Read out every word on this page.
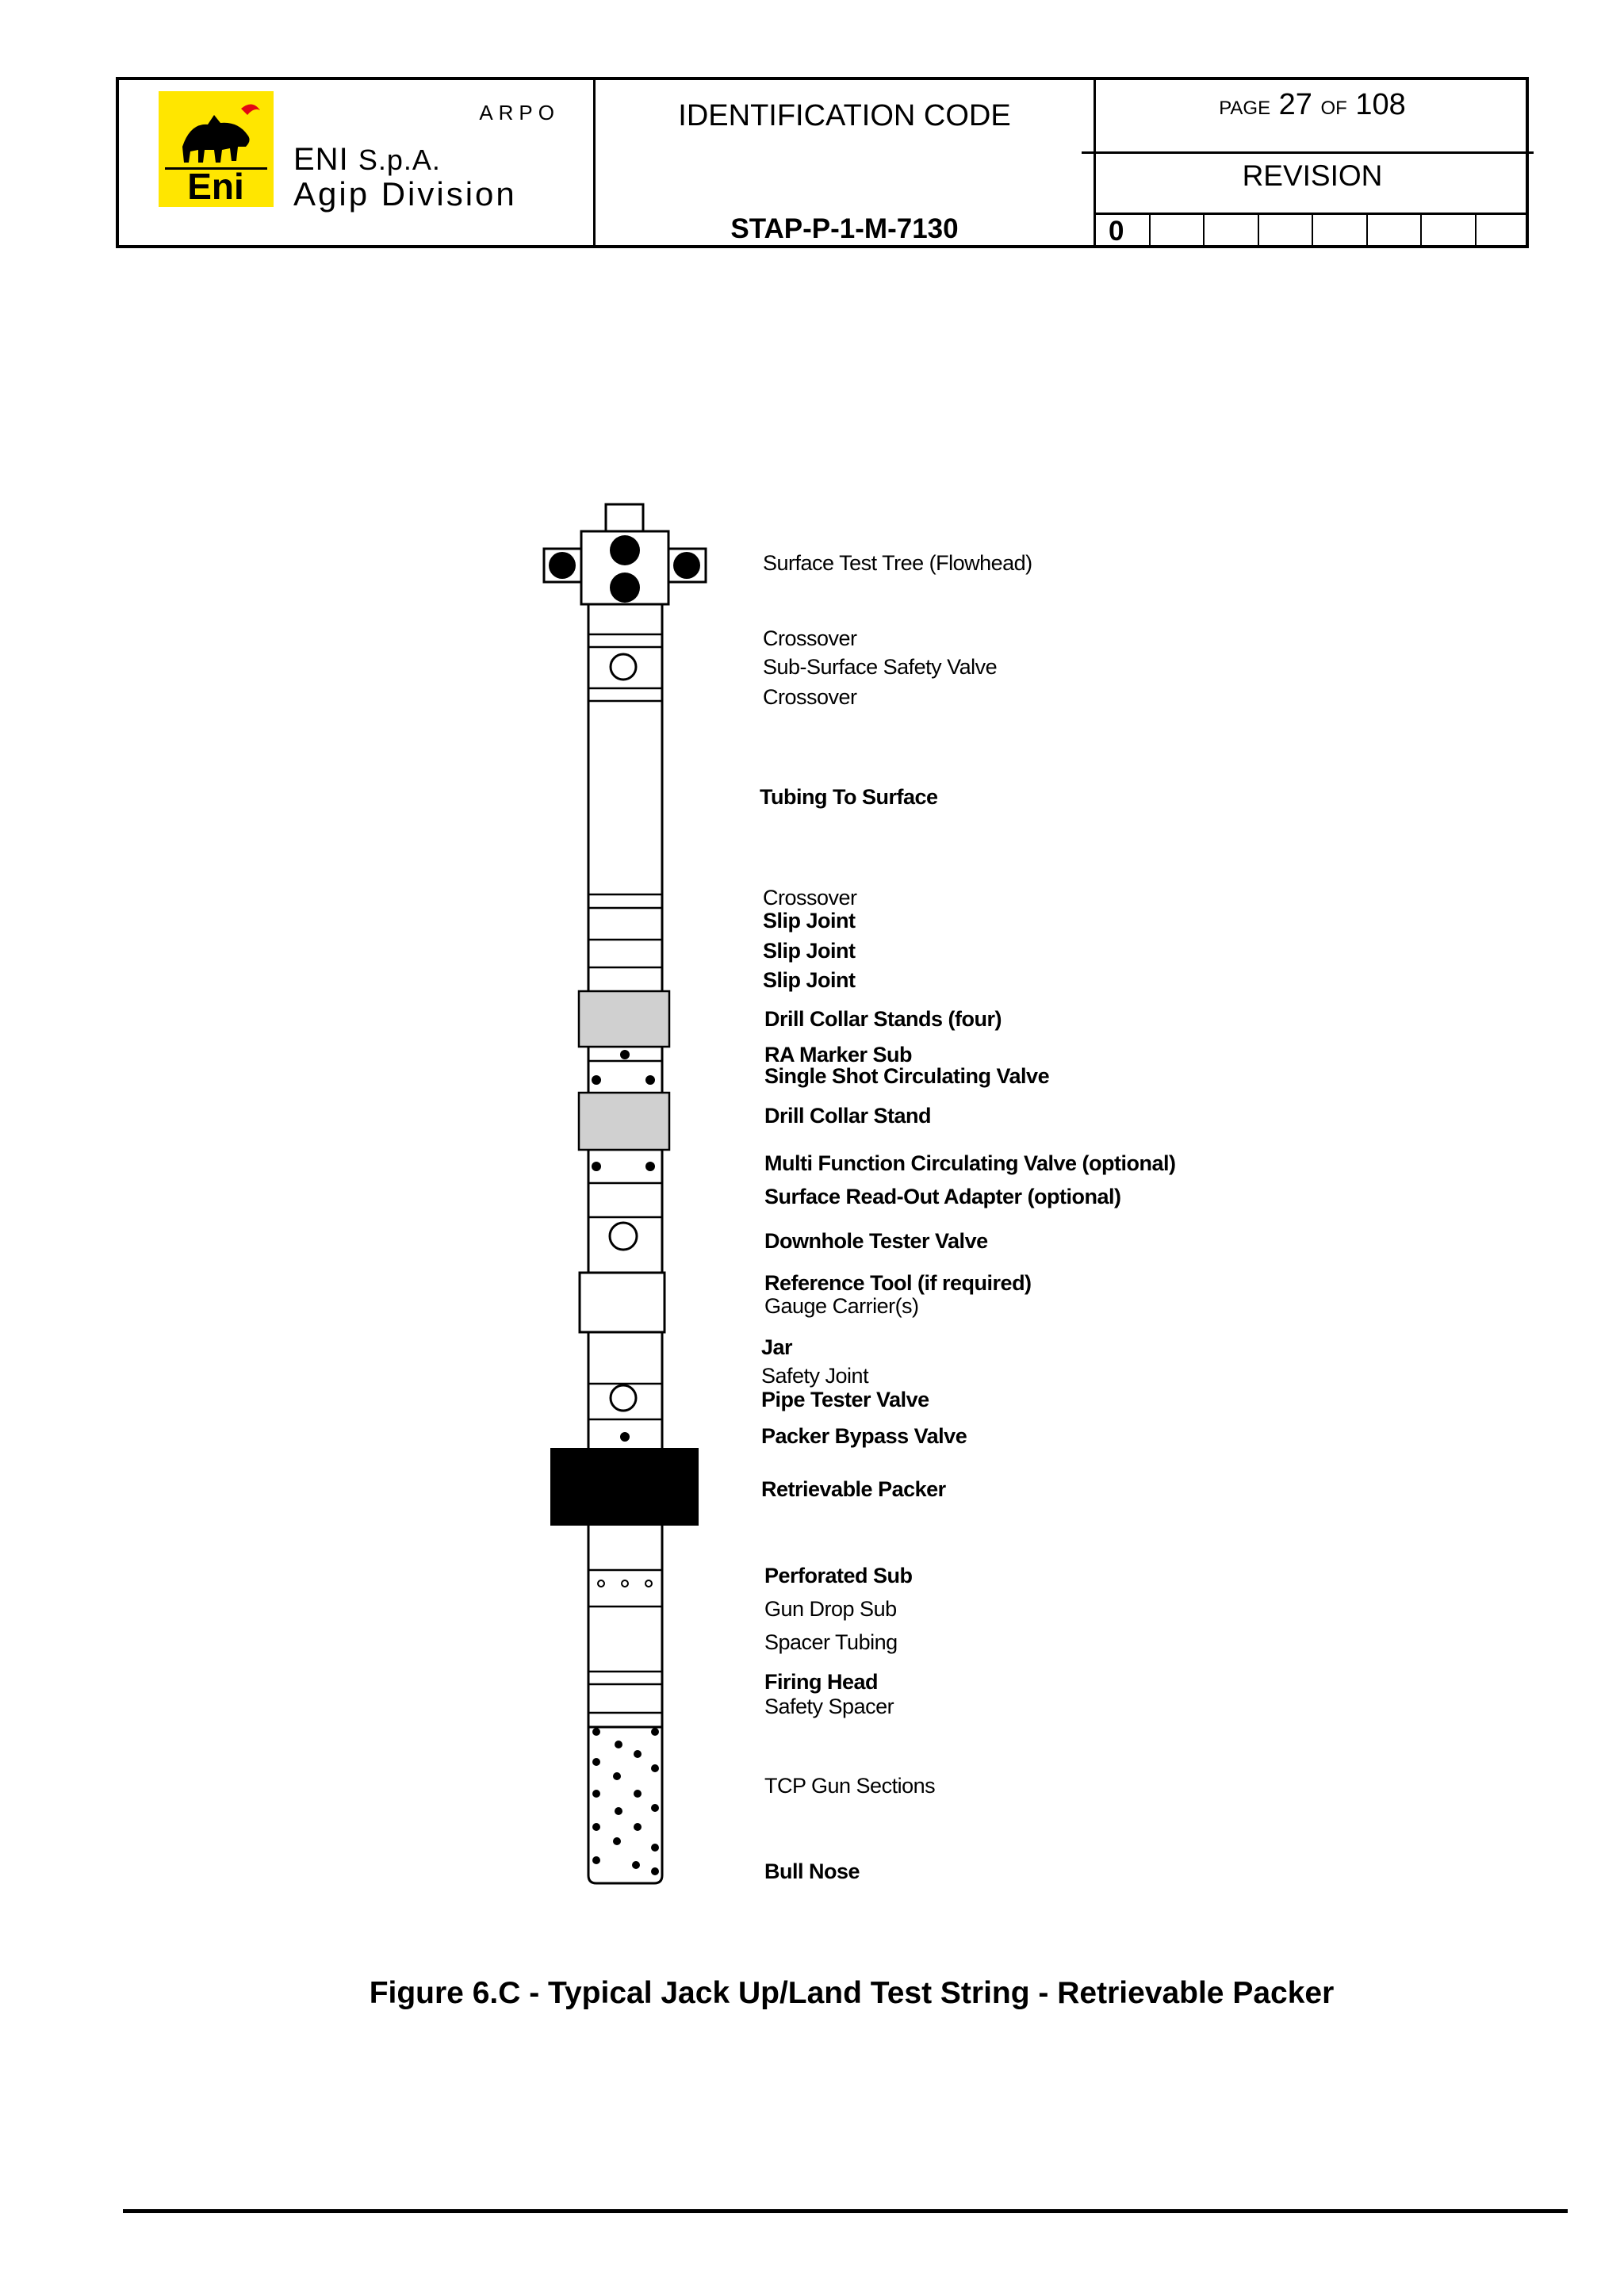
Eni
ARPO
ENI S.p.A.
Agip Division
IDENTIFICATION CODE
STAP-P-1-M-7130
PAGE 27 OF 108
REVISION
0
Surface Test Tree (Flowhead)
Crossover
Sub-Surface Safety Valve
Crossover
Tubing To Surface
Crossover
Slip Joint
Slip Joint
Slip Joint
Drill Collar Stands (four)
RA Marker Sub
Single Shot Circulating Valve
Drill Collar Stand
Multi Function Circulating Valve (optional)
Surface Read-Out Adapter (optional)
Downhole Tester Valve
Reference Tool (if required)
Gauge Carrier(s)
Jar
Safety Joint
Pipe Tester Valve
Packer Bypass Valve
Retrievable Packer
Perforated Sub
Gun Drop Sub
Spacer Tubing
Firing Head
Safety Spacer
TCP Gun Sections
Bull Nose
Figure 6.C - Typical Jack Up/Land Test String - Retrievable Packer
